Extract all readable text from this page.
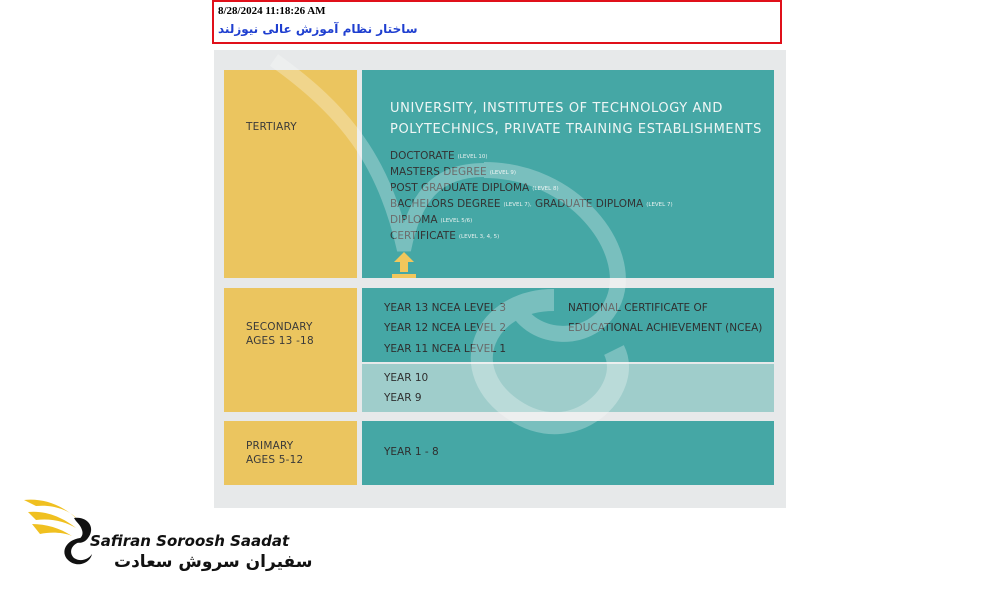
8/28/2024 11:18:26 AM
ساختار نظام آموزش عالی نیوزلند
TERTIARY
UNIVERSITY, INSTITUTES OF TECHNOLOGY AND
POLYTECHNICS, PRIVATE TRAINING ESTABLISHMENTS
DOCTORATE (LEVEL 10)
MASTERS DEGREE (LEVEL 9)
POST GRADUATE DIPLOMA (LEVEL 8)
BACHELORS DEGREE (LEVEL 7), GRADUATE DIPLOMA (LEVEL 7)
DIPLOMA (LEVEL 5/6)
CERTIFICATE (LEVEL 3, 4, 5)
SECONDARY
AGES 13 -18
YEAR 13 NCEA LEVEL 3
YEAR 12 NCEA LEVEL 2
YEAR 11 NCEA LEVEL 1
NATIONAL CERTIFICATE OF
EDUCATIONAL ACHIEVEMENT (NCEA)
YEAR 10
YEAR 9
PRIMARY
AGES 5-12
YEAR 1 - 8
Safiran Soroosh Saadat
سفیران سروش سعادت
